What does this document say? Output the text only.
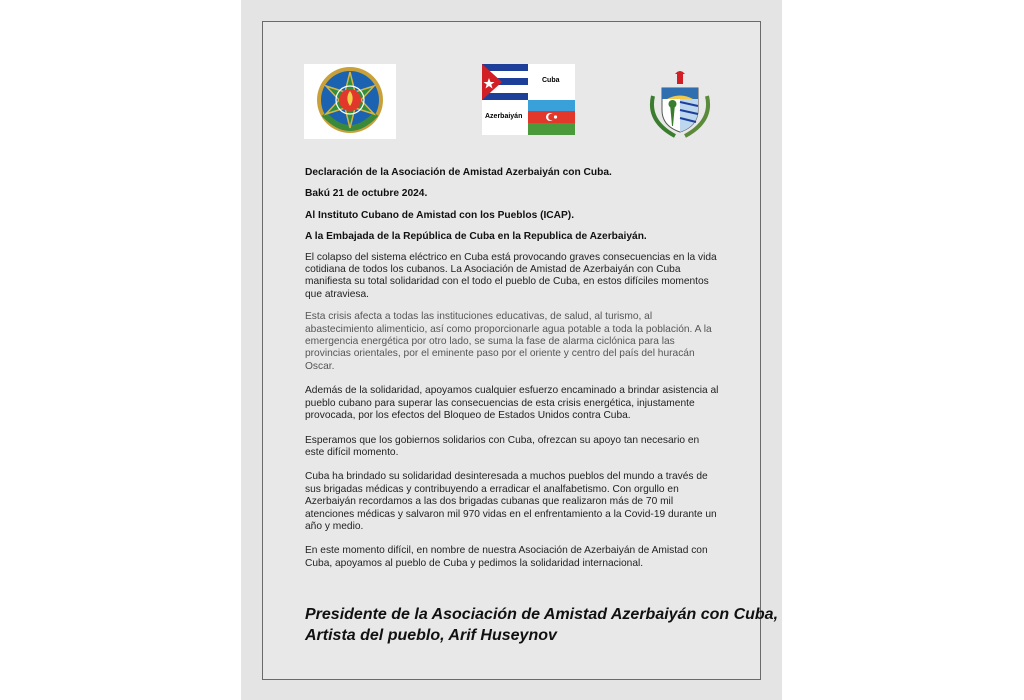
Cuba
Azerbaiyán
Declaración de la Asociación de Amistad Azerbaiyán con Cuba.
Bakú 21 de octubre 2024.
Al Instituto Cubano de Amistad con los Pueblos (ICAP).
A la Embajada de la República de Cuba en la Republica de Azerbaiyán.
El colapso del sistema eléctrico en Cuba está provocando graves consecuencias en la vida cotidiana de todos los cubanos. La Asociación de Amistad de Azerbaiyán con Cuba manifiesta su total solidaridad con el todo el pueblo de Cuba, en estos difíciles momentos que atraviesa.
Esta crisis afecta a todas las instituciones educativas, de salud, al turismo, al abastecimiento alimenticio, así como proporcionarle agua potable a toda la población. A la emergencia energética por otro lado, se suma la fase de alarma ciclónica para las provincias orientales, por el eminente paso por el oriente y centro del país del huracán Oscar.
Además de la solidaridad, apoyamos cualquier esfuerzo encaminado a brindar asistencia al pueblo cubano para superar las consecuencias de esta crisis energética, injustamente provocada, por los efectos del Bloqueo de Estados Unidos contra Cuba.
Esperamos que los gobiernos solidarios con Cuba, ofrezcan su apoyo tan necesario en este difícil momento.
Cuba ha brindado su solidaridad desinteresada a muchos pueblos del mundo a través de sus brigadas médicas y contribuyendo a erradicar el analfabetismo. Con orgullo en Azerbaiyán recordamos a las dos brigadas cubanas que realizaron más de 70 mil atenciones médicas y salvaron mil 970 vidas en el enfrentamiento a la Covid-19 durante un año y medio.
En este momento difícil, en nombre de nuestra Asociación de Azerbaiyán de Amistad con Cuba, apoyamos al pueblo de Cuba y pedimos la solidaridad internacional.
Presidente de la Asociación de Amistad Azerbaiyán con Cuba,
Artista del pueblo, Arif Huseynov
